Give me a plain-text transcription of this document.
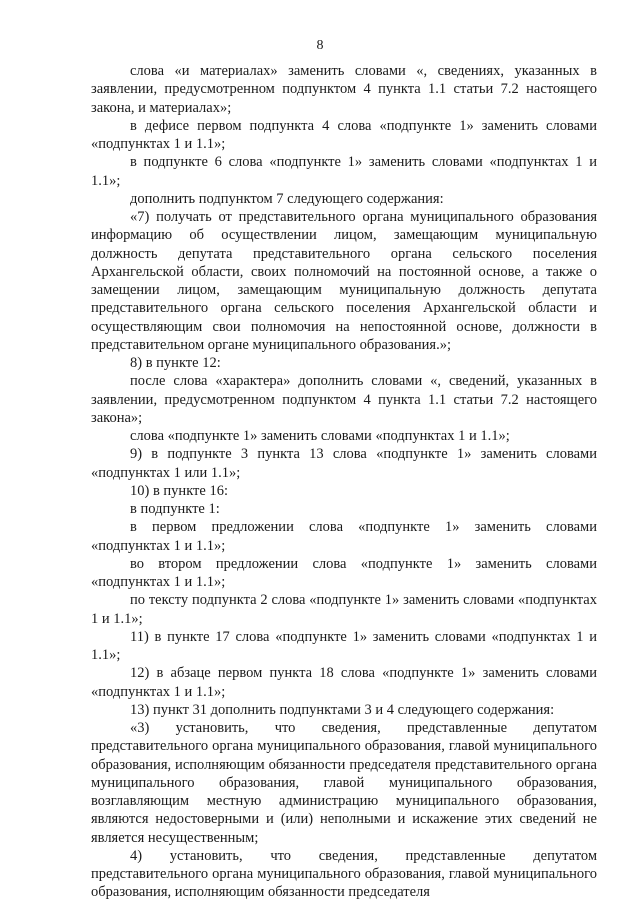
8

слова «и материалах» заменить словами «, сведениях, указанных в заявлении, предусмотренном подпунктом 4 пункта 1.1 статьи 7.2 настоящего закона, и материалах»;

в дефисе первом подпункта 4 слова «подпункте 1» заменить словами «подпунктах 1 и 1.1»;

в подпункте 6 слова «подпункте 1» заменить словами «подпунктах 1 и 1.1»;

дополнить подпунктом 7 следующего содержания:

«7) получать от представительного органа муниципального образования информацию об осуществлении лицом, замещающим муниципальную должность депутата представительного органа сельского поселения Архангельской области, своих полномочий на постоянной основе, а также о замещении лицом, замещающим муниципальную должность депутата представительного органа сельского поселения Архангельской области и осуществляющим свои полномочия на непостоянной основе, должности в представительном органе муниципального образования.»;

8) в пункте 12:

после слова «характера» дополнить словами «, сведений, указанных в заявлении, предусмотренном подпунктом 4 пункта 1.1 статьи 7.2 настоящего закона»;

слова «подпункте 1» заменить словами «подпунктах 1 и 1.1»;

9) в подпункте 3 пункта 13 слова «подпункте 1» заменить словами «подпунктах 1 или 1.1»;

10) в пункте 16:

в подпункте 1:

в первом предложении слова «подпункте 1» заменить словами «подпунктах 1 и 1.1»;

во втором предложении слова «подпункте 1» заменить словами «подпунктах 1 и 1.1»;

по тексту подпункта 2 слова «подпункте 1» заменить словами «подпунктах 1 и 1.1»;

11) в пункте 17 слова «подпункте 1» заменить словами «подпунктах 1 и 1.1»;

12) в абзаце первом пункта 18 слова «подпункте 1» заменить словами «подпунктах 1 и 1.1»;

13) пункт 31 дополнить подпунктами 3 и 4 следующего содержания:

«3) установить, что сведения, представленные депутатом представительного органа муниципального образования, главой муниципального образования, исполняющим обязанности председателя представительного органа муниципального образования, главой муниципального образования, возглавляющим местную администрацию муниципального образования, являются недостоверными и (или) неполными и искажение этих сведений не является несущественным;

4) установить, что сведения, представленные депутатом представительного органа муниципального образования, главой муниципального образования, исполняющим обязанности председателя
